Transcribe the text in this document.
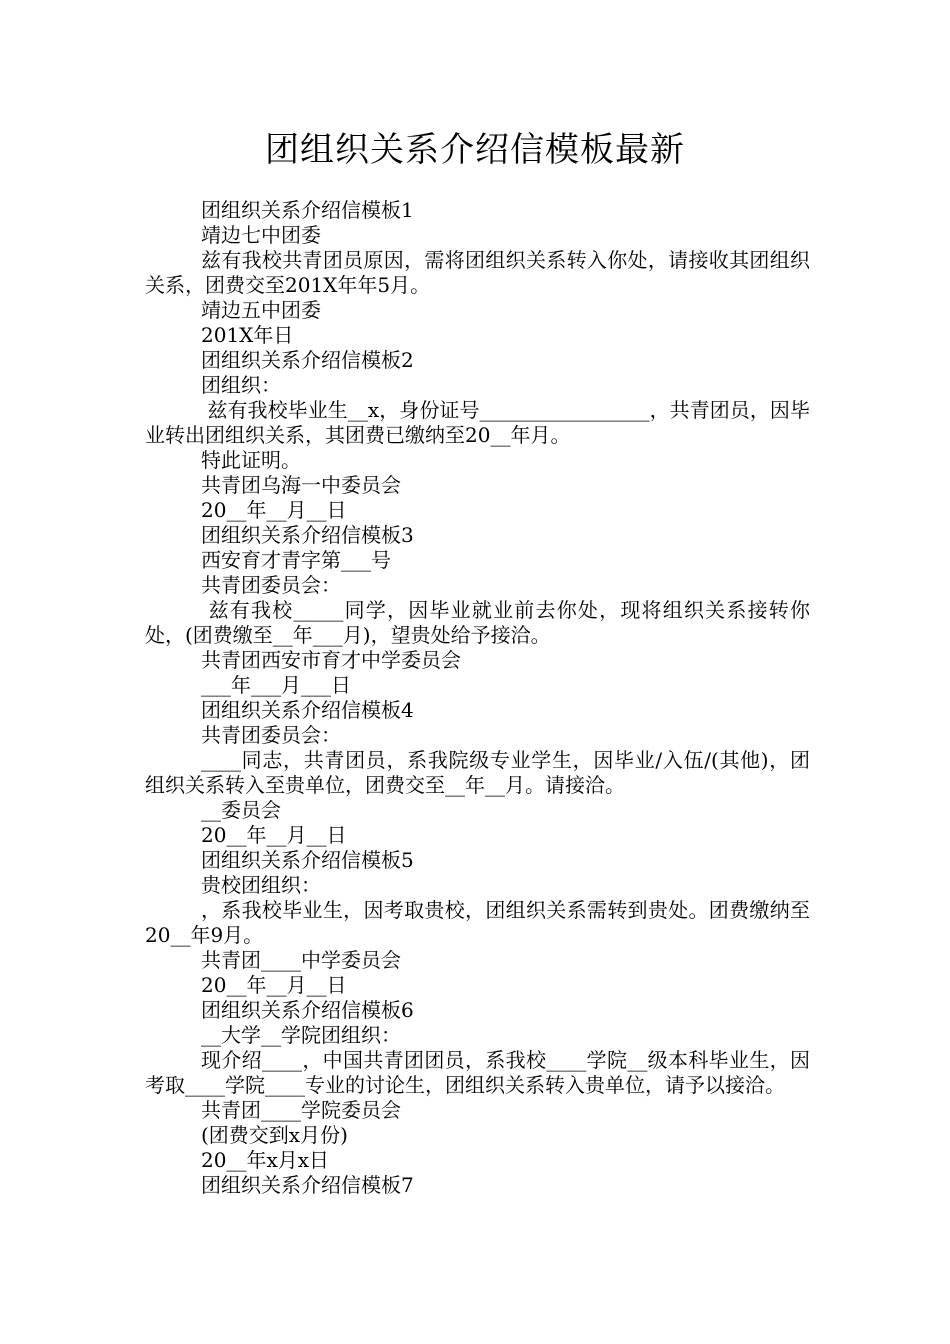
团组织关系介绍信模板最新

团组织关系介绍信模板1

靖边七中团委

兹有我校共青团员原因，需将团组织关系转入你处，请接收其团组织关系，团费交至201X年年5月。

靖边五中团委

201X年日

团组织关系介绍信模板2

团组织：

兹有我校毕业生__x，身份证号_________________，共青团员，因毕业转出团组织关系，其团费已缴纳至20__年月。

特此证明。

共青团乌海一中委员会

20__年__月__日

团组织关系介绍信模板3

西安育才青字第___号

共青团委员会：

兹有我校_____同学，因毕业就业前去你处，现将组织关系接转你处，(团费缴至__年___月)，望贵处给予接洽。

共青团西安市育才中学委员会

___年___月___日

团组织关系介绍信模板4

共青团委员会：

____同志，共青团员，系我院级专业学生，因毕业/入伍/(其他)，团组织关系转入至贵单位，团费交至__年__月。请接洽。

__委员会

20__年__月__日

团组织关系介绍信模板5

贵校团组织：

，系我校毕业生，因考取贵校，团组织关系需转到贵处。团费缴纳至20__年9月。

共青团____中学委员会

20__年__月__日

团组织关系介绍信模板6

__大学__学院团组织：

现介绍____，中国共青团团员，系我校____学院__级本科毕业生，因考取____学院____专业的讨论生，团组织关系转入贵单位，请予以接洽。

共青团____学院委员会

(团费交到x月份)

20__年x月x日

团组织关系介绍信模板7
